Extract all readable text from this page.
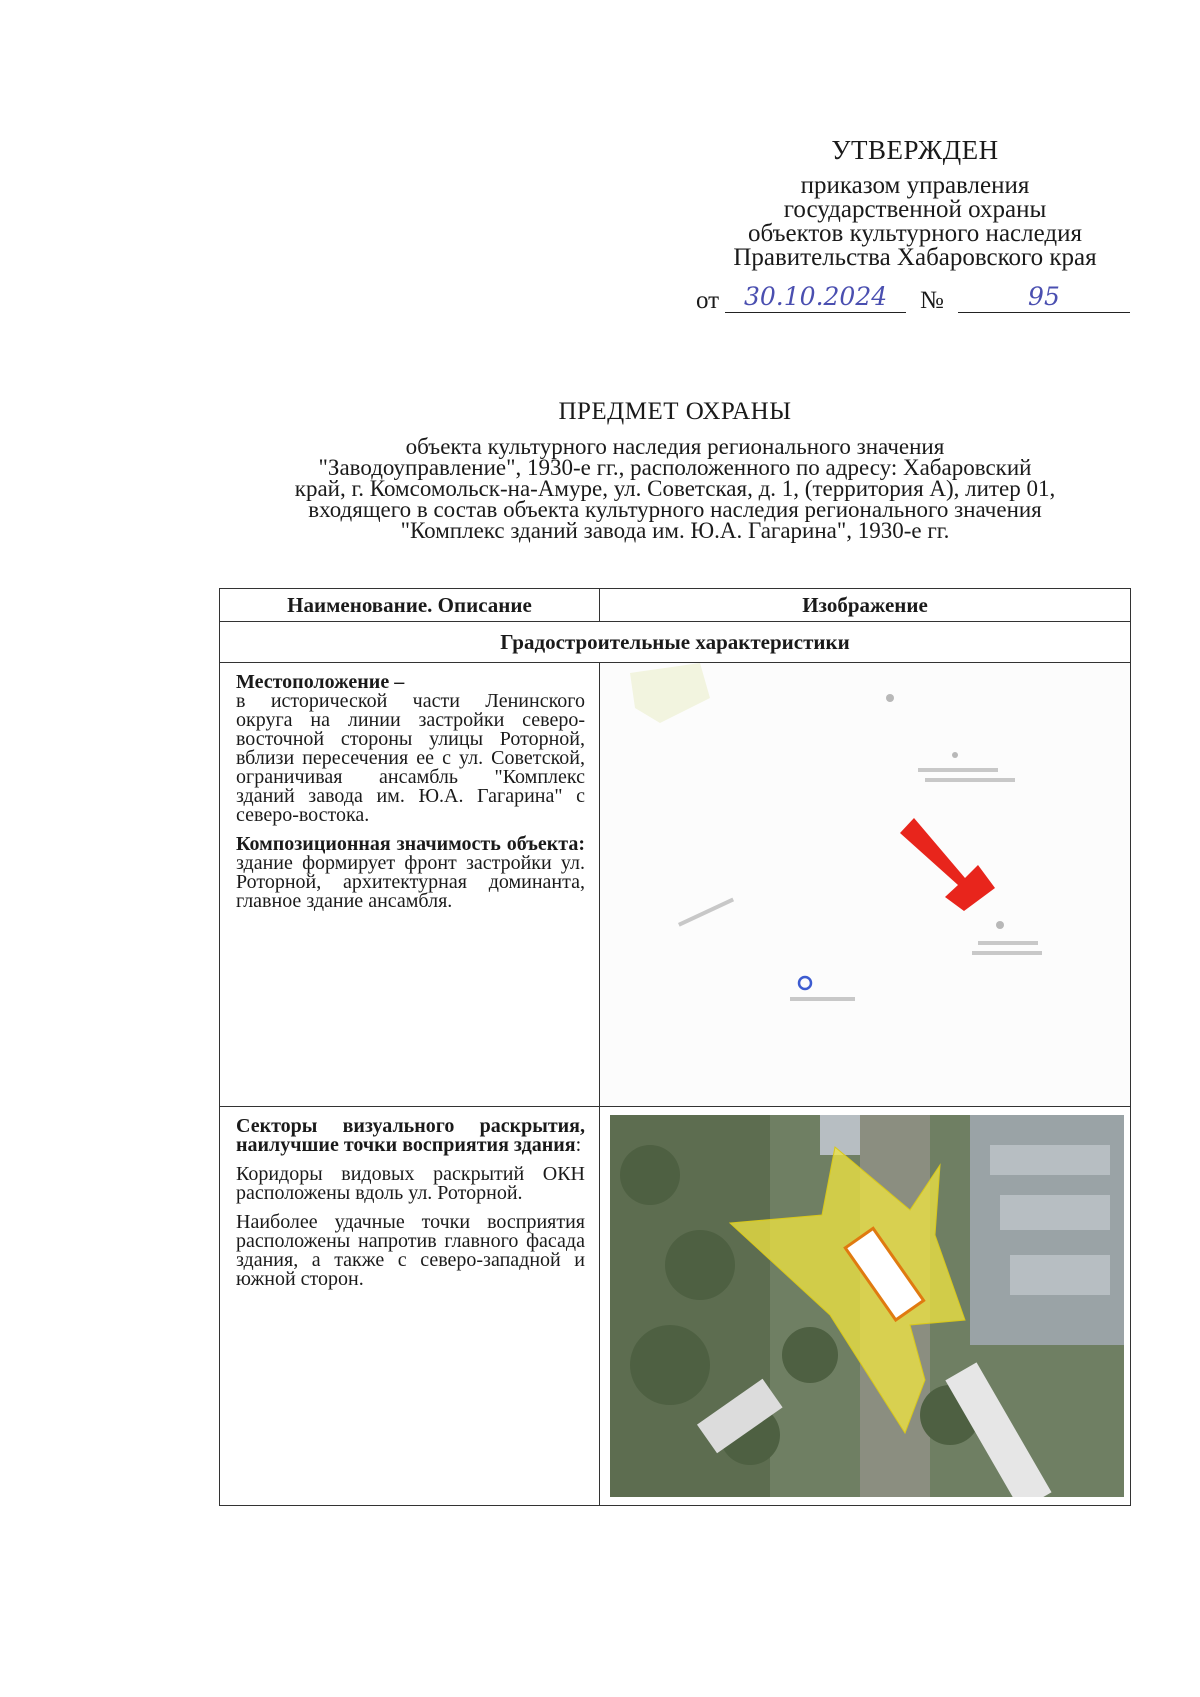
УТВЕРЖДЕН
приказом управления
государственной охраны
объектов культурного наследия
Правительства Хабаровского края
от 30.10.2024	№	95
ПРЕДМЕТ ОХРАНЫ
объекта культурного наследия регионального значения
"Заводоуправление", 1930-е гг., расположенного по адресу: Хабаровский
край, г. Комсомольск-на-Амуре, ул. Советская, д. 1, (территория А), литер 01,
входящего в состав объекта культурного наследия регионального значения
"Комплекс зданий завода им. Ю.А. Гагарина", 1930-е гг.
Наименование. Описание	Изображение
Градостроительные характеристики	

Местоположение –
в исторической части Ленинского округа на линии застройки северо-восточной стороны улицы Роторной, вблизи пересечения ее с ул. Советской, ограничивая ансамбль "Комплекс зданий завода им. Ю.А. Гагарина" с северо-востока.

Композиционная значимость объекта: здание формирует фронт застройки ул. Роторной, архитектурная доминанта, главное здание ансамбля.

Секторы визуального раскрытия, наилучшие точки восприятия здания:

Коридоры видовых раскрытий ОКН расположены вдоль ул. Роторной.

Наиболее удачные точки восприятия расположены напротив главного фасада здания, а также с северо-западной и южной сторон.
